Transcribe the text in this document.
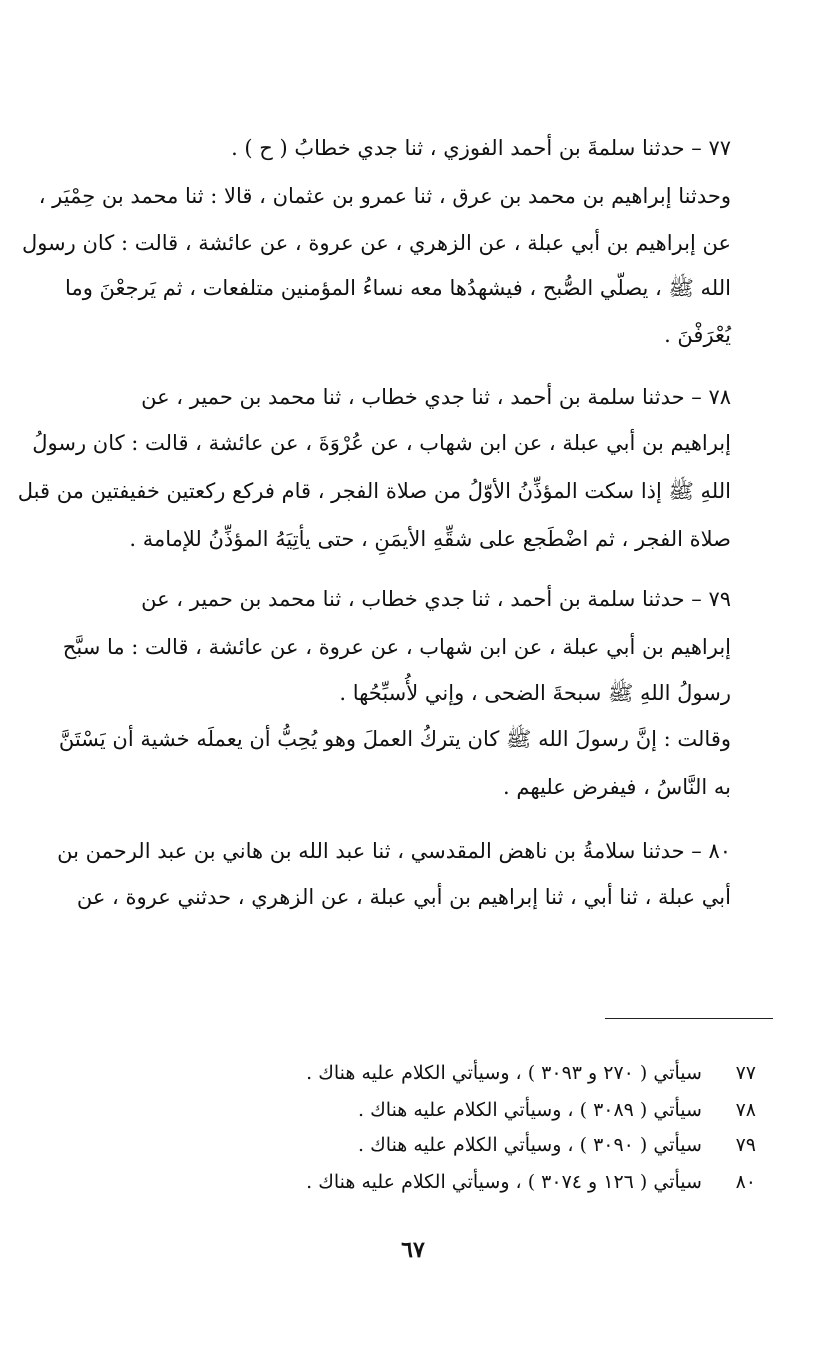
٧٧ – حدثنا سلمةَ بن أحمد الفوزي ، ثنا جدي خطابُ ( ح ) .
وحدثنا إبراهيم بن محمد بن عرق ، ثنا عمرو بن عثمان ، قالا : ثنا محمد بن حِمْيَر ،
عن إبراهيم بن أبي عبلة ، عن الزهري ، عن عروة ، عن عائشة ، قالت : كان رسول
الله ﷺ ، يصلّي الصُّبح ، فيشهدُها معه نساءُ المؤمنين متلفعات ، ثم يَرجعْنَ وما
يُعْرَفْنَ .
٧٨ – حدثنا سلمة بن أحمد ، ثنا جدي خطاب ، ثنا محمد بن حمير ، عن
إبراهيم بن أبي عبلة ، عن ابن شهاب ، عن عُرْوَةَ ، عن عائشة ، قالت : كان رسولُ
اللهِ ﷺ إذا سكت المؤذِّنُ الأوّلُ من صلاة الفجر ، قام فركع ركعتين خفيفتين من قبل
صلاة الفجر ، ثم اضْطَجع على شقِّهِ الأيمَنِ ، حتى يأتِيَهُ المؤذِّنُ للإمامة .
٧٩ – حدثنا سلمة بن أحمد ، ثنا جدي خطاب ، ثنا محمد بن حمير ، عن
إبراهيم بن أبي عبلة ، عن ابن شهاب ، عن عروة ، عن عائشة ، قالت : ما سبَّح
رسولُ اللهِ ﷺ سبحةَ الضحى ، وإني لأُسبِّحُها .
وقالت : إنَّ رسولَ الله ﷺ كان يتركُ العملَ وهو يُحِبُّ أن يعملَه خشية أن يَسْتَنَّ
به النَّاسُ ، فيفرض عليهم .
٨٠ – حدثنا سلامةُ بن ناهض المقدسي ، ثنا عبد الله بن هاني بن عبد الرحمن بن
أبي عبلة ، ثنا أبي ، ثنا إبراهيم بن أبي عبلة ، عن الزهري ، حدثني عروة ، عن
٧٧ سيأتي ( ٢٧٠ و ٣٠٩٣ ) ، وسيأتي الكلام عليه هناك .
٧٨ سيأتي ( ٣٠٨٩ ) ، وسيأتي الكلام عليه هناك .
٧٩ سيأتي ( ٣٠٩٠ ) ، وسيأتي الكلام عليه هناك .
٨٠ سيأتي ( ١٢٦ و ٣٠٧٤ ) ، وسيأتي الكلام عليه هناك .
٦٧
